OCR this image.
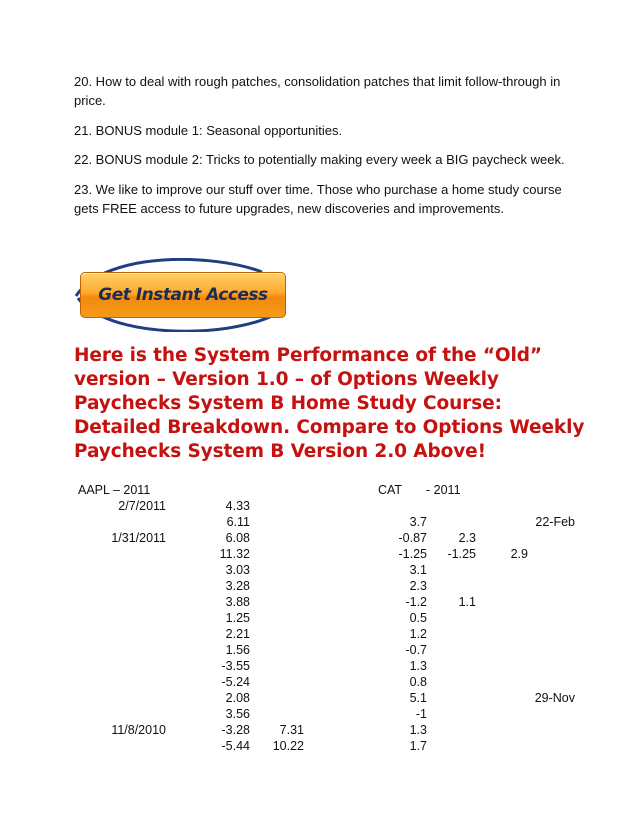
20. How to deal with rough patches, consolidation patches that limit follow-through in price.
21. BONUS module 1: Seasonal opportunities.
22. BONUS module 2: Tricks to potentially making every week a BIG paycheck week.
23. We like to improve our stuff over time. Those who purchase a home study course gets FREE access to future upgrades, new discoveries and improvements.
Get Instant Access
Here is the System Performance of the “Old” version – Version 1.0 – of Options Weekly Paychecks System B Home Study Course: Detailed Breakdown. Compare to Options Weekly Paychecks System B Version 2.0 Above!
AAPL – 2011	CAT - 2011
2/7/2011
1/31/2011
11/8/2010
4.33
6.11
6.08
11.32
3.03
3.28
3.88
1.25
2.21
1.56
-3.55
-5.24
2.08
3.56
-3.28
-5.44
7.31
10.22
3.7
-0.87
-1.25
3.1
2.3
-1.2
0.5
1.2
-0.7
1.3
0.8
5.1
-1
1.3
1.7
2.3
-1.25
1.1
2.9
22-Feb
29-Nov
